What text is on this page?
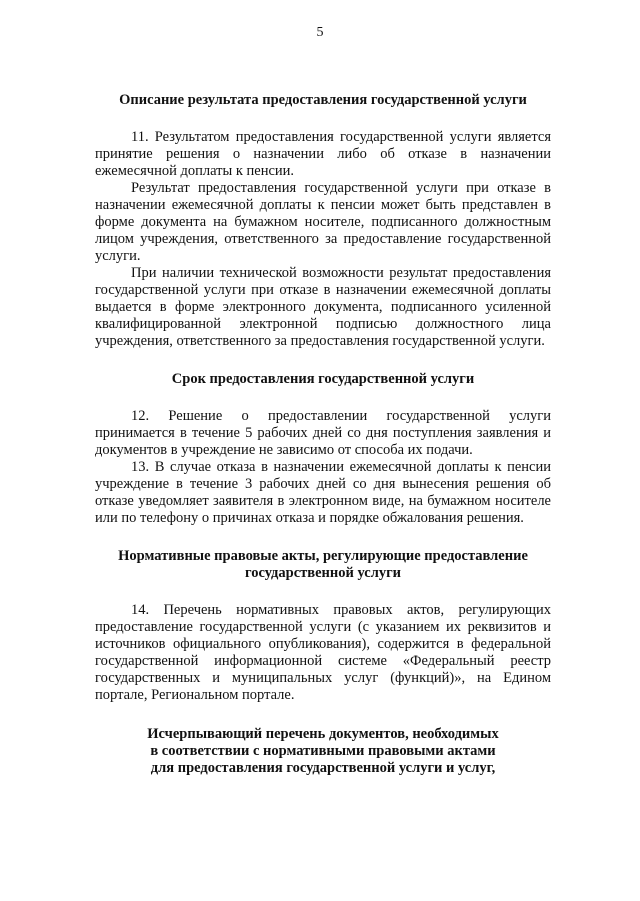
5
Описание результата предоставления государственной услуги

11. Результатом предоставления государственной услуги является принятие решения о назначении либо об отказе в назначении ежемесячной доплаты к пенсии.

Результат предоставления государственной услуги при отказе в назначении ежемесячной доплаты к пенсии может быть представлен в форме документа на бумажном носителе, подписанного должностным лицом учреждения, ответственного за предоставление государственной услуги.

При наличии технической возможности результат предоставления государственной услуги при отказе в назначении ежемесячной доплаты выдается в форме электронного документа, подписанного усиленной квалифицированной электронной подписью должностного лица учреждения, ответственного за предоставления государственной услуги.

Срок предоставления государственной услуги

12. Решение о предоставлении государственной услуги принимается в течение 5 рабочих дней со дня поступления заявления и документов в учреждение не зависимо от способа их подачи.

13. В случае отказа в назначении ежемесячной доплаты к пенсии учреждение в течение 3 рабочих дней со дня вынесения решения об отказе уведомляет заявителя в электронном виде, на бумажном носителе или по телефону о причинах отказа и порядке обжалования решения.

Нормативные правовые акты, регулирующие предоставление
государственной услуги

14. Перечень нормативных правовых актов, регулирующих предоставление государственной услуги (с указанием их реквизитов и источников официального опубликования), содержится в федеральной государственной информационной системе «Федеральный реестр государственных и муниципальных услуг (функций)», на Едином портале, Региональном портале.

Исчерпывающий перечень документов, необходимых
в соответствии с нормативными правовыми актами
для предоставления государственной услуги и услуг,
